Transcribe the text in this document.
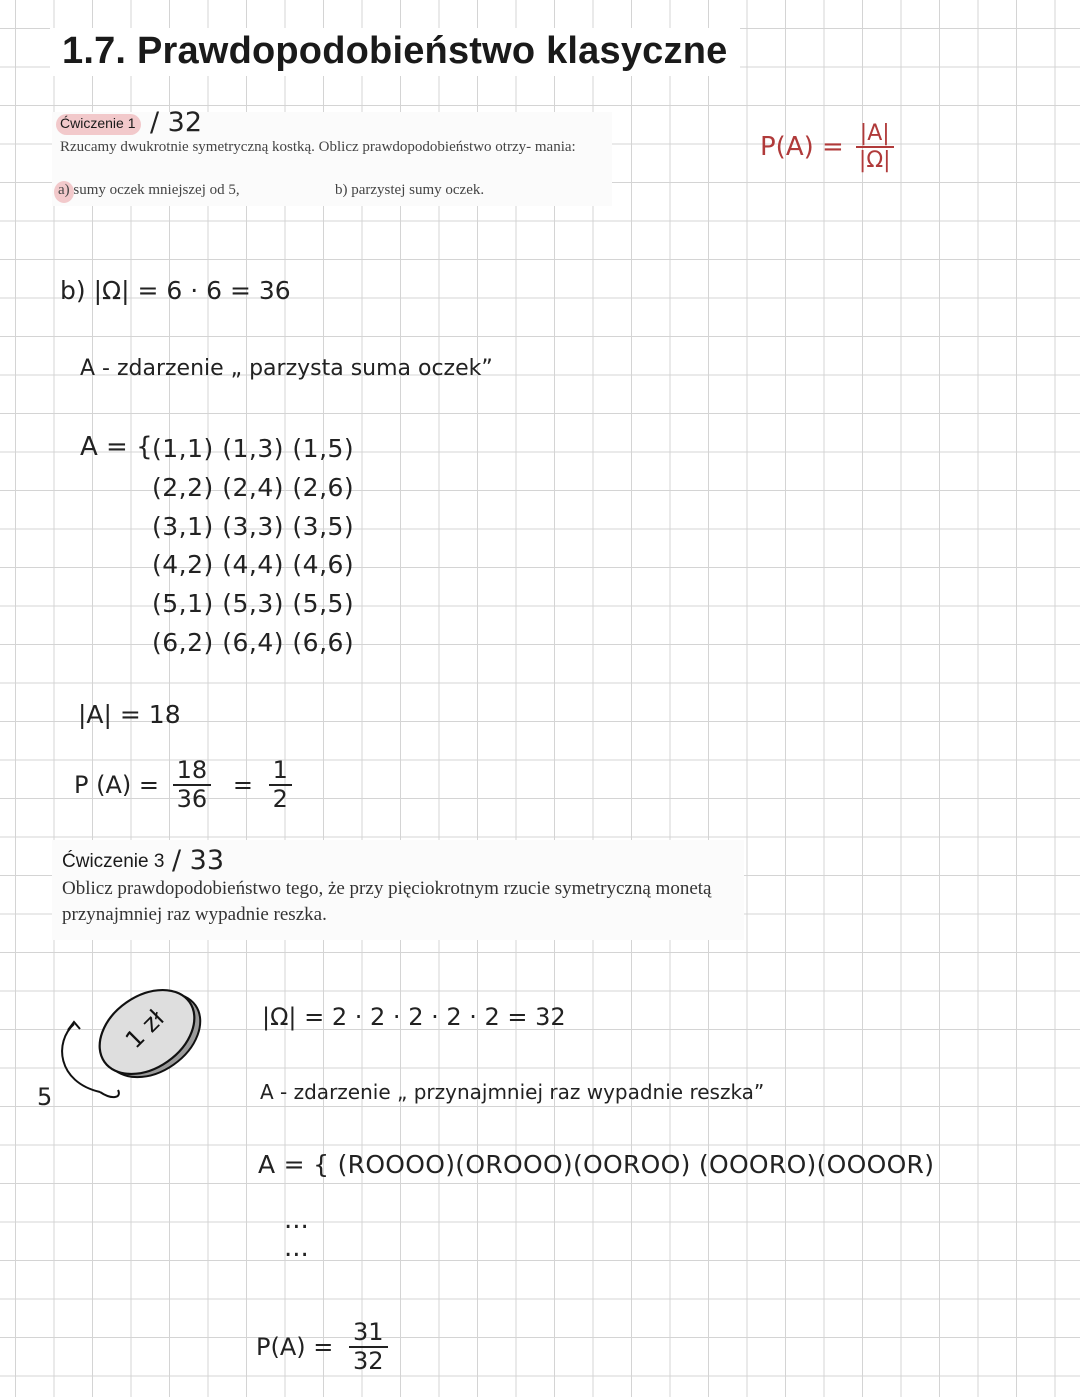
1.7. Prawdopodobieństwo klasyczne
Ćwiczenie 1 / 32
Rzucamy dwukrotnie symetryczną kostką. Oblicz prawdopodobieństwo otrzy- mania:
a) sumy oczek mniejszej od 5,	b) parzystej sumy oczek.
$P(A) = \frac{|A|}{|\Omega|}$
b) |Ω| = 6 · 6 = 36
A - zdarzenie „ parzysta suma oczek”
A = { (1,1) (1,3) (1,5)
(2,2) (2,4) (2,6)
(3,1) (3,3) (3,5)
(4,2) (4,4) (4,6)
(5,1) (5,3) (5,5)
(6,2) (6,4) (6,6)
|A| = 18
P $(A) = \frac{18}{36} = \frac{1}{2}$
Ćwiczenie 3 / 33
Oblicz prawdopodobieństwo tego, że przy pięciokrotnym rzucie symetryczną monetą przynajmniej raz wypadnie reszka.
1 zł
5
|Ω| = 2 · 2 · 2 · 2 · 2 = 32
A - zdarzenie „ przynajmniej raz wypadnie reszka”
A = { (ROOOO)(OROOO)(OOROO) (OOORO)(OOOOR)
...
...
$P(A) = \frac{31}{32}$
